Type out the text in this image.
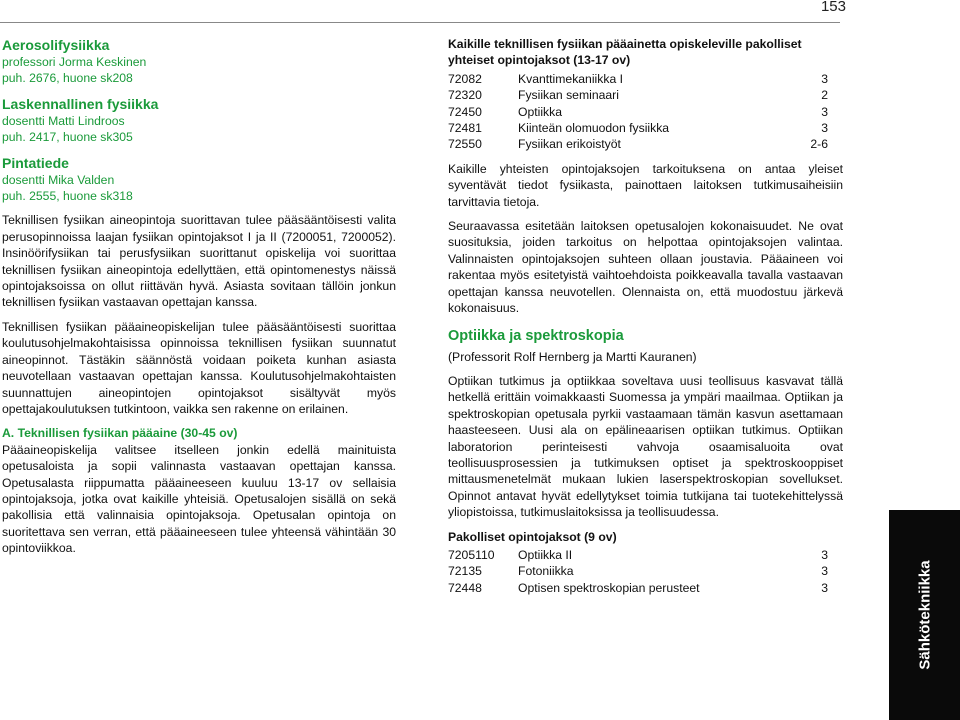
153
Aerosolifysiikka

professori Jorma Keskinen

puh. 2676, huone sk208

Laskennallinen fysiikka

dosentti Matti Lindroos

puh. 2417, huone sk305

Pintatiede

dosentti Mika Valden

puh. 2555, huone sk318

Teknillisen fysiikan aineopintoja suorittavan tulee pääsääntöisesti valita perusopinnoissa laajan fysiikan opintojaksot I ja II (7200051, 7200052). Insinöörifysiikan tai perusfysiikan suorittanut opiskelija voi suorittaa teknillisen fysiikan aineopintoja edellyttäen, että opintomenestys näissä opintojaksoissa on ollut riittävän hyvä. Asiasta sovitaan tällöin jonkun teknillisen fysiikan vastaavan opettajan kanssa.

Teknillisen fysiikan pääaineopiskelijan tulee pääsääntöisesti suorittaa koulutusohjelmakohtaisissa opinnoissa teknillisen fysiikan suunnatut aineopinnot. Tästäkin säännöstä voidaan poiketa kunhan asiasta neuvotellaan vastaavan opettajan kanssa. Koulutusohjelmakohtaisten suunnattujen aineopintojen opintojaksot sisältyvät myös opettajakoulutuksen tutkintoon, vaikka sen rakenne on erilainen.

A. Teknillisen fysiikan pääaine (30-45 ov)

Pääaineopiskelija valitsee itselleen jonkin edellä mainituista opetusaloista ja sopii valinnasta vastaavan opettajan kanssa. Opetusalasta riippumatta pääaineeseen kuuluu 13-17 ov sellaisia opintojaksoja, jotka ovat kaikille yhteisiä. Opetusalojen sisällä on sekä pakollisia että valinnaisia opintojaksoja. Opetusalan opintoja on suoritettava sen verran, että pääaineeseen tulee yhteensä vähintään 30 opintoviikkoa.

Kaikille teknillisen fysiikan pääainetta opiskeleville pakolliset yhteiset opintojaksot (13-17 ov)

72082	Kvanttimekaniikka I	3
72320	Fysiikan seminaari	2
72450	Optiikka	3
72481	Kiinteän olomuodon fysiikka	3
72550	Fysiikan erikoistyöt	2-6

Kaikille yhteisten opintojaksojen tarkoituksena on antaa yleiset syventävät tiedot fysiikasta, painottaen laitoksen tutkimusaiheisiin tarvittavia tietoja.

Seuraavassa esitetään laitoksen opetusalojen kokonaisuudet. Ne ovat suosituksia, joiden tarkoitus on helpottaa opintojaksojen valintaa. Valinnaisten opintojaksojen suhteen ollaan joustavia. Pääaineen voi rakentaa myös esitetyistä vaihtoehdoista poikkeavalla tavalla vastaavan opettajan kanssa neuvotellen. Olennaista on, että muodostuu järkevä kokonaisuus.

Optiikka ja spektroskopia

(Professorit Rolf Hernberg ja Martti Kauranen)

Optiikan tutkimus ja optiikkaa soveltava uusi teollisuus kasvavat tällä hetkellä erittäin voimakkaasti Suomessa ja ympäri maailmaa. Optiikan ja spektroskopian opetusala pyrkii vastaamaan tämän kasvun asettamaan haasteeseen. Uusi ala on epälineaarisen optiikan tutkimus. Optiikan laboratorion perinteisesti vahvoja osaamisaluoita ovat teollisuusprosessien ja tutkimuksen optiset ja spektroskooppiset mittausmenetelmät mukaan lukien laserspektroskopian sovellukset. Opinnot antavat hyvät edellytykset toimia tutkijana tai tuotekehittelyssä yliopistoissa, tutkimuslaitoksissa ja teollisuudessa.

Pakolliset opintojaksot (9 ov)

7205110	Optiikka II	3
72135	Fotoniikka	3
72448	Optisen spektroskopian perusteet	3	Sähkötekniikka
